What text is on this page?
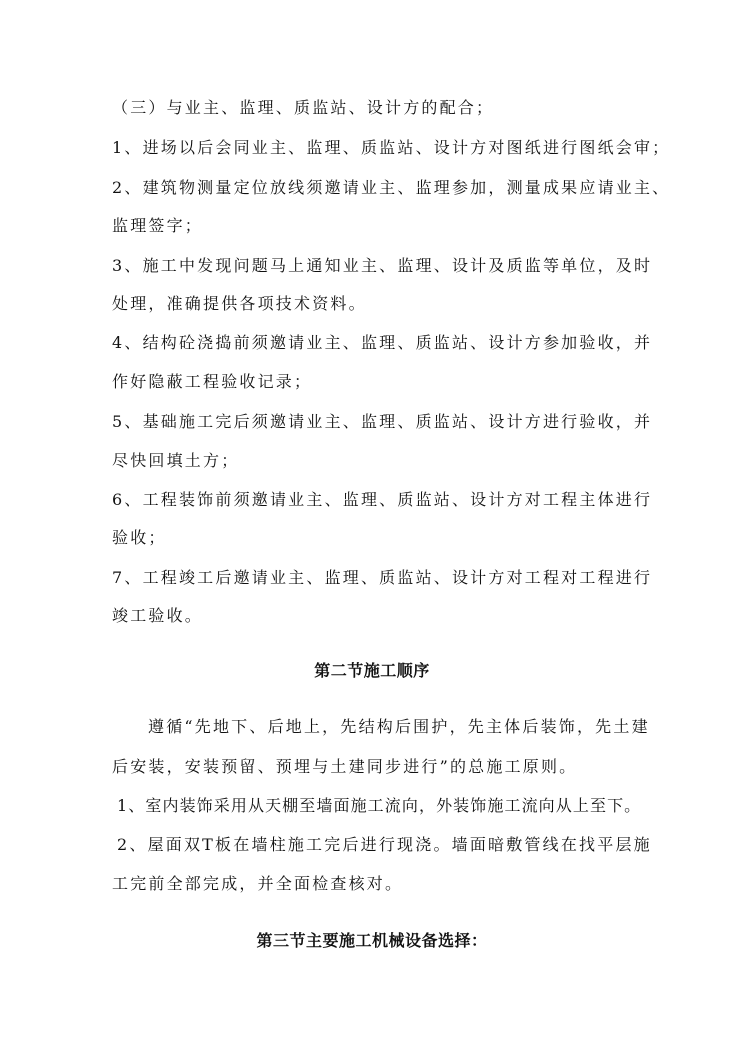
（三）与业主、监理、质监站、设计方的配合；
1、进场以后会同业主、监理、质监站、设计方对图纸进行图纸会审；
2、建筑物测量定位放线须邀请业主、监理参加，测量成果应请业主、
监理签字；
3、施工中发现问题马上通知业主、监理、设计及质监等单位，及时
处理，准确提供各项技术资料。
4、结构砼浇捣前须邀请业主、监理、质监站、设计方参加验收，并
作好隐蔽工程验收记录；
5、基础施工完后须邀请业主、监理、质监站、设计方进行验收，并
尽快回填土方；
6、工程装饰前须邀请业主、监理、质监站、设计方对工程主体进行
验收；
7、工程竣工后邀请业主、监理、质监站、设计方对工程对工程进行
竣工验收。
第二节施工顺序
遵循“先地下、后地上，先结构后围护，先主体后装饰，先土建
后安装，安装预留、预埋与土建同步进行”的总施工原则。
1、室内装饰采用从天棚至墙面施工流向，外装饰施工流向从上至下。
2、屋面双T板在墙柱施工完后进行现浇。墙面暗敷管线在找平层施
工完前全部完成，并全面检查核对。
第三节主要施工机械设备选择：
